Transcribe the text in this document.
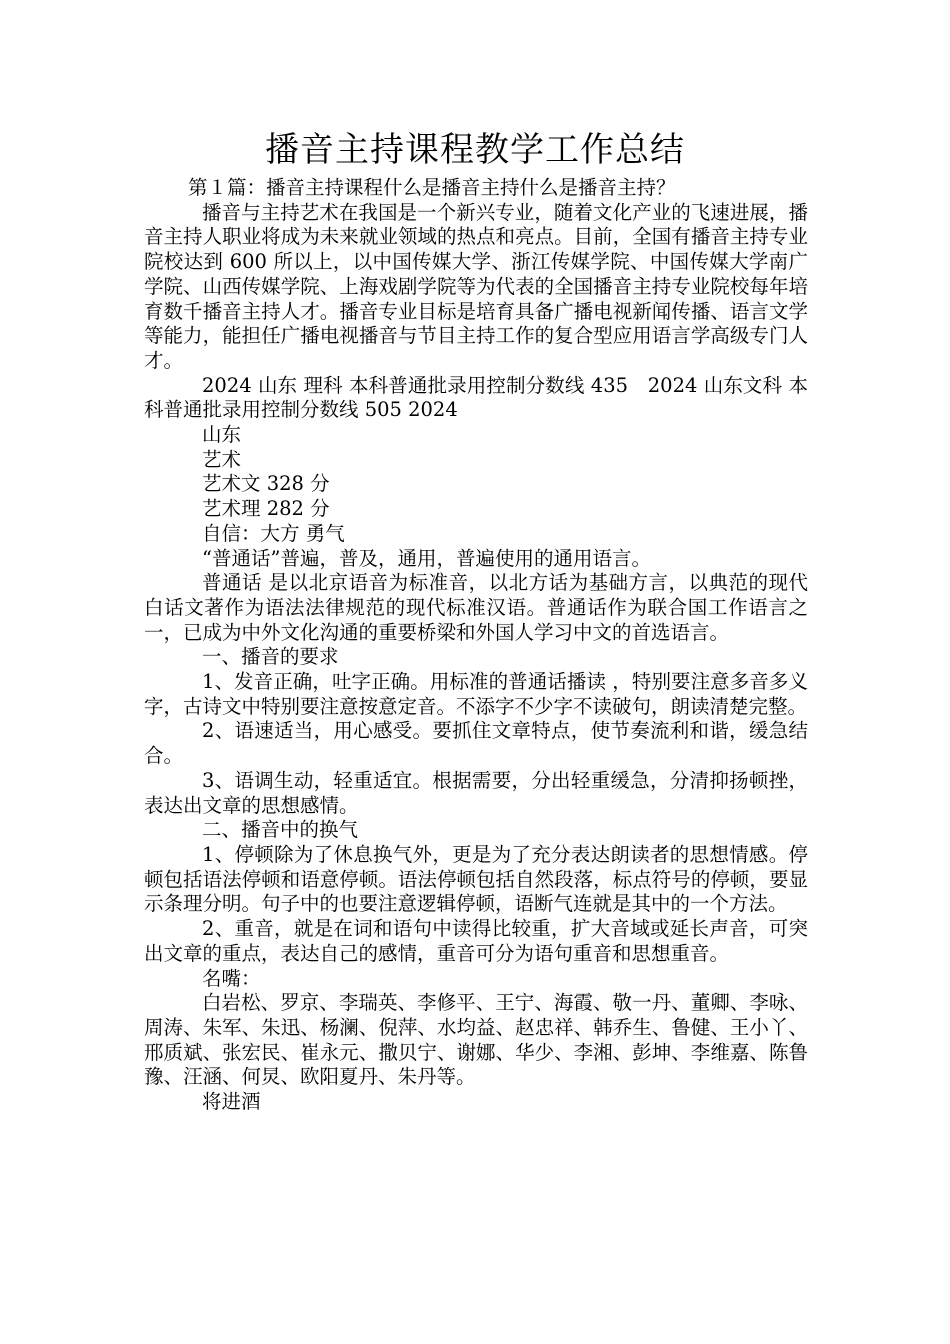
播音主持课程教学工作总结

第１篇：播音主持课程什么是播音主持什么是播音主持？

播音与主持艺术在我国是一个新兴专业，随着文化产业的飞速进展，播音主持人职业将成为未来就业领域的热点和亮点。目前，全国有播音主持专业院校达到 600 所以上，以中国传媒大学、浙江传媒学院、中国传媒大学南广学院、山西传媒学院、上海戏剧学院等为代表的全国播音主持专业院校每年培育数千播音主持人才。播音专业目标是培育具备广播电视新闻传播、语言文学等能力，能担任广播电视播音与节目主持工作的复合型应用语言学高级专门人才。

2024 山东 理科 本科普通批录用控制分数线 435　2024 山东文科 本科普通批录用控制分数线 505 2024

山东

艺术

艺术文 328 分

艺术理 282 分

自信：大方 勇气

“普通话”普遍，普及，通用，普遍使用的通用语言。

普通话 是以北京语音为标准音，以北方话为基础方言，以典范的现代白话文著作为语法法律规范的现代标准汉语。普通话作为联合国工作语言之一，已成为中外文化沟通的重要桥梁和外国人学习中文的首选语言。

一、播音的要求

1、发音正确，吐字正确。用标准的普通话播读 ，特别要注意多音多义字，古诗文中特别要注意按意定音。不添字不少字不读破句，朗读清楚完整。

2、语速适当，用心感受。要抓住文章特点，使节奏流利和谐，缓急结合。

3、语调生动，轻重适宜。根据需要，分出轻重缓急，分清抑扬顿挫，表达出文章的思想感情。

二、播音中的换气

1、停顿除为了休息换气外，更是为了充分表达朗读者的思想情感。停顿包括语法停顿和语意停顿。语法停顿包括自然段落，标点符号的停顿，要显示条理分明。句子中的也要注意逻辑停顿，语断气连就是其中的一个方法。

2、重音，就是在词和语句中读得比较重，扩大音域或延长声音，可突出文章的重点，表达自己的感情，重音可分为语句重音和思想重音。

名嘴：

白岩松、罗京、李瑞英、李修平、王宁、海霞、敬一丹、董卿、李咏、周涛、朱军、朱迅、杨澜、倪萍、水均益、赵忠祥、韩乔生、鲁健、王小丫、邢质斌、张宏民、崔永元、撒贝宁、谢娜、华少、李湘、彭坤、李维嘉、陈鲁豫、汪涵、何炅、欧阳夏丹、朱丹等。

将进酒
